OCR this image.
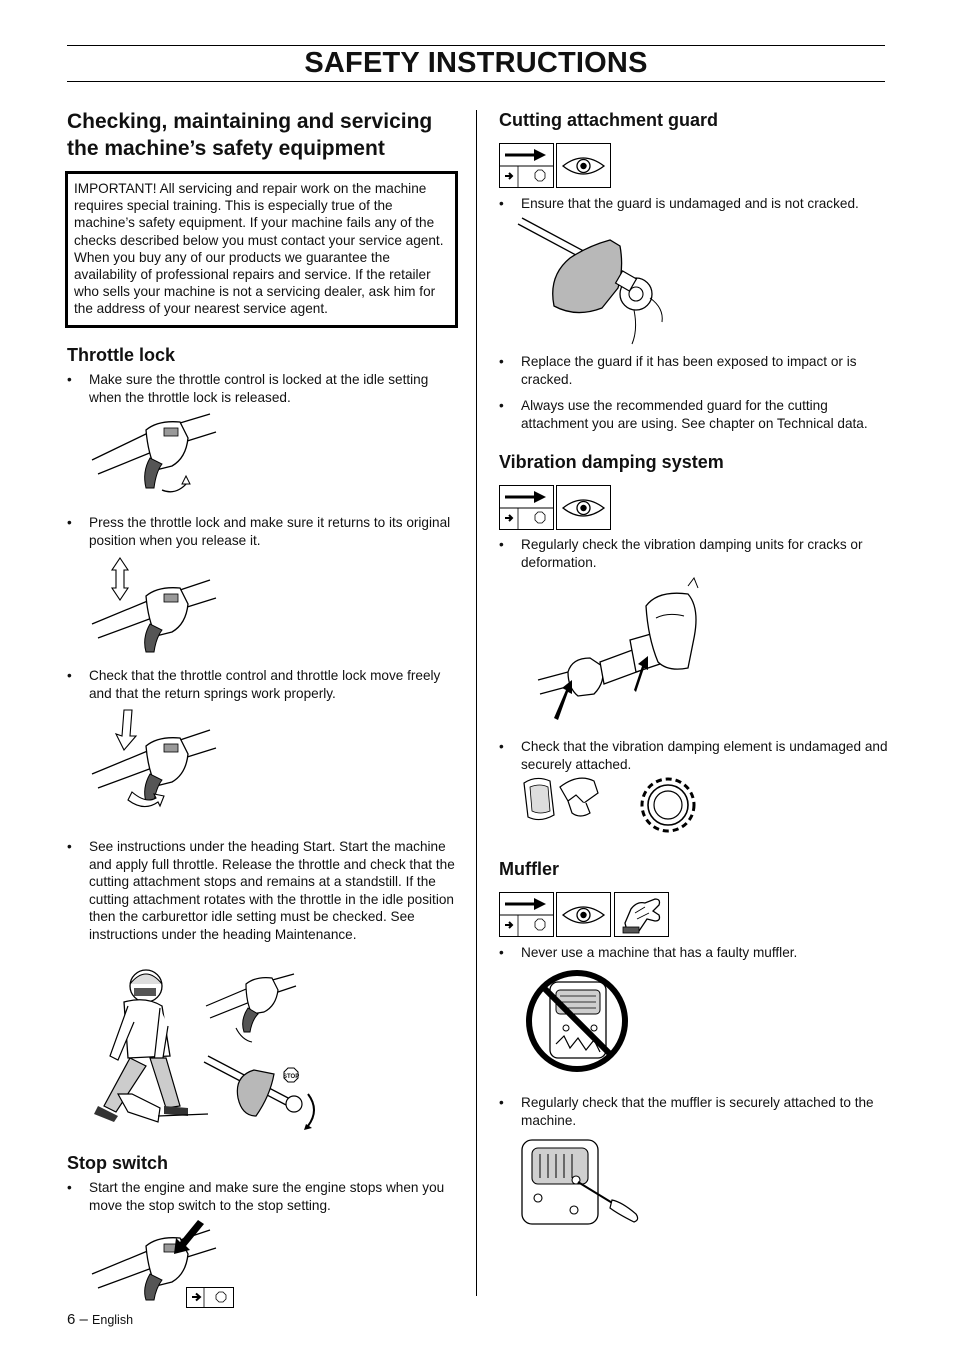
SAFETY INSTRUCTIONS
Checking, maintaining and servicing the machine’s safety equipment
IMPORTANT! All servicing and repair work on the machine requires special training. This is especially true of the machine’s safety equipment. If your machine fails any of the checks described below you must contact your service agent. When you buy any of our products we guarantee the availability of professional repairs and service. If the retailer who sells your machine is not a servicing dealer, ask him for the address of your nearest service agent.
Throttle lock
•	Make sure the throttle control is locked at the idle setting when the throttle lock is released.
•	Press the throttle lock and make sure it returns to its original position when you release it.
•	Check that the throttle control and throttle lock move freely and that the return springs work properly.
•	See instructions under the heading Start. Start the machine and apply full throttle. Release the throttle and check that the cutting attachment stops and remains at a standstill. If the cutting attachment rotates with the throttle in the idle position then the carburettor idle setting must be checked. See instructions under the heading Maintenance.
STOP
Stop switch
•	Start the engine and make sure the engine stops when you move the stop switch to the stop setting.
6 – English
Cutting attachment guard
•	Ensure that the guard is undamaged and is not cracked.
•	Replace the guard if it has been exposed to impact or is cracked.
•	Always use the recommended guard for the cutting attachment you are using. See chapter on Technical data.
Vibration damping system
•	Regularly check the vibration damping units for cracks or deformation.
•	Check that the vibration damping element is undamaged and securely attached.
Muffler
•	Never use a machine that has a faulty muffler.
•	Regularly check that the muffler is securely attached to the machine.
